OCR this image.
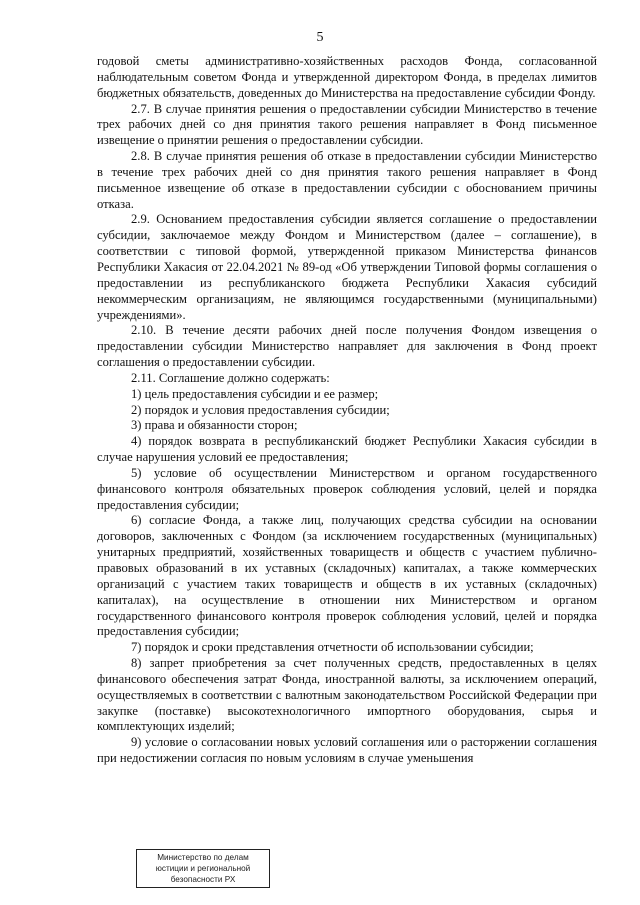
5

годовой сметы административно-хозяйственных расходов Фонда, согласованной наблюдательным советом Фонда и утвержденной директором Фонда, в пределах лимитов бюджетных обязательств, доведенных до Министерства на предоставление субсидии Фонду.

2.7. В случае принятия решения о предоставлении субсидии Министерство в течение трех рабочих дней со дня принятия такого решения направляет в Фонд письменное извещение о принятии решения о предоставлении субсидии.

2.8. В случае принятия решения об отказе в предоставлении субсидии Министерство в течение трех рабочих дней со дня принятия такого решения направляет в Фонд письменное извещение об отказе в предоставлении субсидии с обоснованием причины отказа.

2.9. Основанием предоставления субсидии является соглашение о предоставлении субсидии, заключаемое между Фондом и Министерством (далее – соглашение), в соответствии с типовой формой, утвержденной приказом Министерства финансов Республики Хакасия от 22.04.2021 № 89-од «Об утверждении Типовой формы соглашения о предоставлении из республиканского бюджета Республики Хакасия субсидий некоммерческим организациям, не являющимся государственными (муниципальными) учреждениями».

2.10. В течение десяти рабочих дней после получения Фондом извещения о предоставлении субсидии Министерство направляет для заключения в Фонд проект соглашения о предоставлении субсидии.

2.11. Соглашение должно содержать:

1) цель предоставления субсидии и ее размер;

2) порядок и условия предоставления субсидии;

3) права и обязанности сторон;

4) порядок возврата в республиканский бюджет Республики Хакасия субсидии в случае нарушения условий ее предоставления;

5) условие об осуществлении Министерством и органом государственного финансового контроля обязательных проверок соблюдения условий, целей и порядка предоставления субсидии;

6) согласие Фонда, а также лиц, получающих средства субсидии на основании договоров, заключенных с Фондом (за исключением государственных (муниципальных) унитарных предприятий, хозяйственных товариществ и обществ с участием публично-правовых образований в их уставных (складочных) капиталах, а также коммерческих организаций с участием таких товариществ и обществ в их уставных (складочных) капиталах), на осуществление в отношении них Министерством и органом государственного финансового контроля проверок соблюдения условий, целей и порядка предоставления субсидии;

7) порядок и сроки представления отчетности об использовании субсидии;

8) запрет приобретения за счет полученных средств, предоставленных в целях финансового обеспечения затрат Фонда, иностранной валюты, за исключением операций, осуществляемых в соответствии с валютным законодательством Российской Федерации при закупке (поставке) высокотехнологичного импортного оборудования, сырья и комплектующих изделий;

9) условие о согласовании новых условий соглашения или о расторжении соглашения при недостижении согласия по новым условиям в случае уменьшения

Министерство по делам
юстиции и региональной
безопасности РХ
